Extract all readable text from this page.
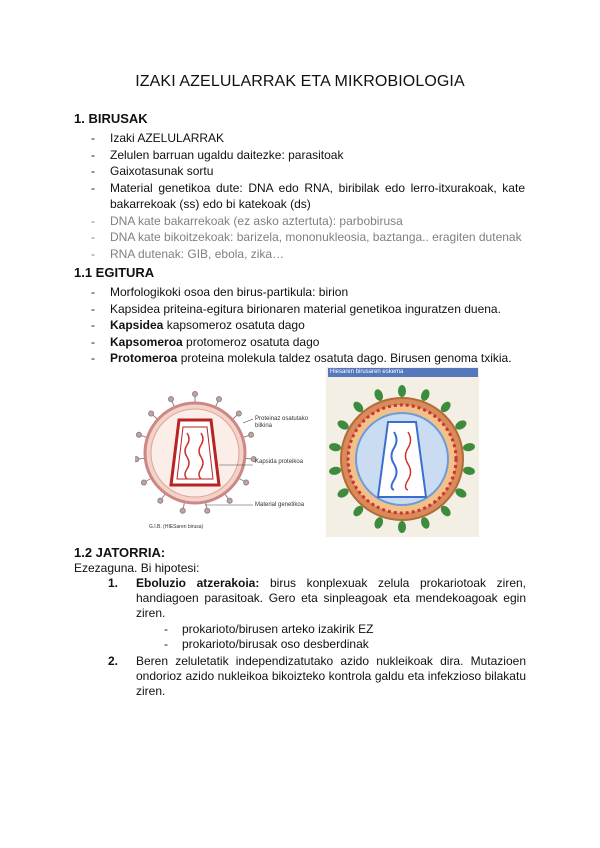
IZAKI AZELULARRAK ETA MIKROBIOLOGIA
1. BIRUSAK
- Izaki AZELULARRAK
- Zelulen barruan ugaldu daitezke: parasitoak
- Gaixotasunak sortu
- Material genetikoa dute: DNA edo RNA, biribilak edo lerro-itxurakoak, kate bakarrekoak (ss) edo bi katekoak (ds)
- DNA kate bakarrekoak (ez asko aztertuta): parbobirusa
- DNA kate bikoitzekoak: barizela, mononukleosia, baztanga.. eragiten dutenak
- RNA dutenak: GIB, ebola, zika…
1.1 EGITURA
- Morfologikoki osoa den birus-partikula: birion
- Kapsidea priteina-egitura birionaren material genetikoa inguratzen duena.
- Kapsidea kapsomeroz osatuta dago
- Kapsomeroa protomeroz osatuta dago
- Protomeroa proteina molekula taldez osatuta dago. Birusen genoma txikia.
Proteinaz osatutako bilkina
Kapsida proteikoa
Material genetikoa
G.I.B. (HIESaren birusa)
Hiesaren birusaren eskema
1.2 JATORRIA:
Ezezaguna. Bi hipotesi:
1. Eboluzio atzerakoia: birus konplexuak zelula prokariotoak ziren, handiagoen parasitoak. Gero eta sinpleagoak eta mendekoagoak egin ziren.
- prokarioto/birusen arteko izakirik EZ
- prokarioto/birusak oso desberdinak
2. Beren zeluletatik independizatutako azido nukleikoak dira. Mutazioen ondorioz azido nukleikoa bikoizteko kontrola galdu eta infekzioso bilakatu ziren.
